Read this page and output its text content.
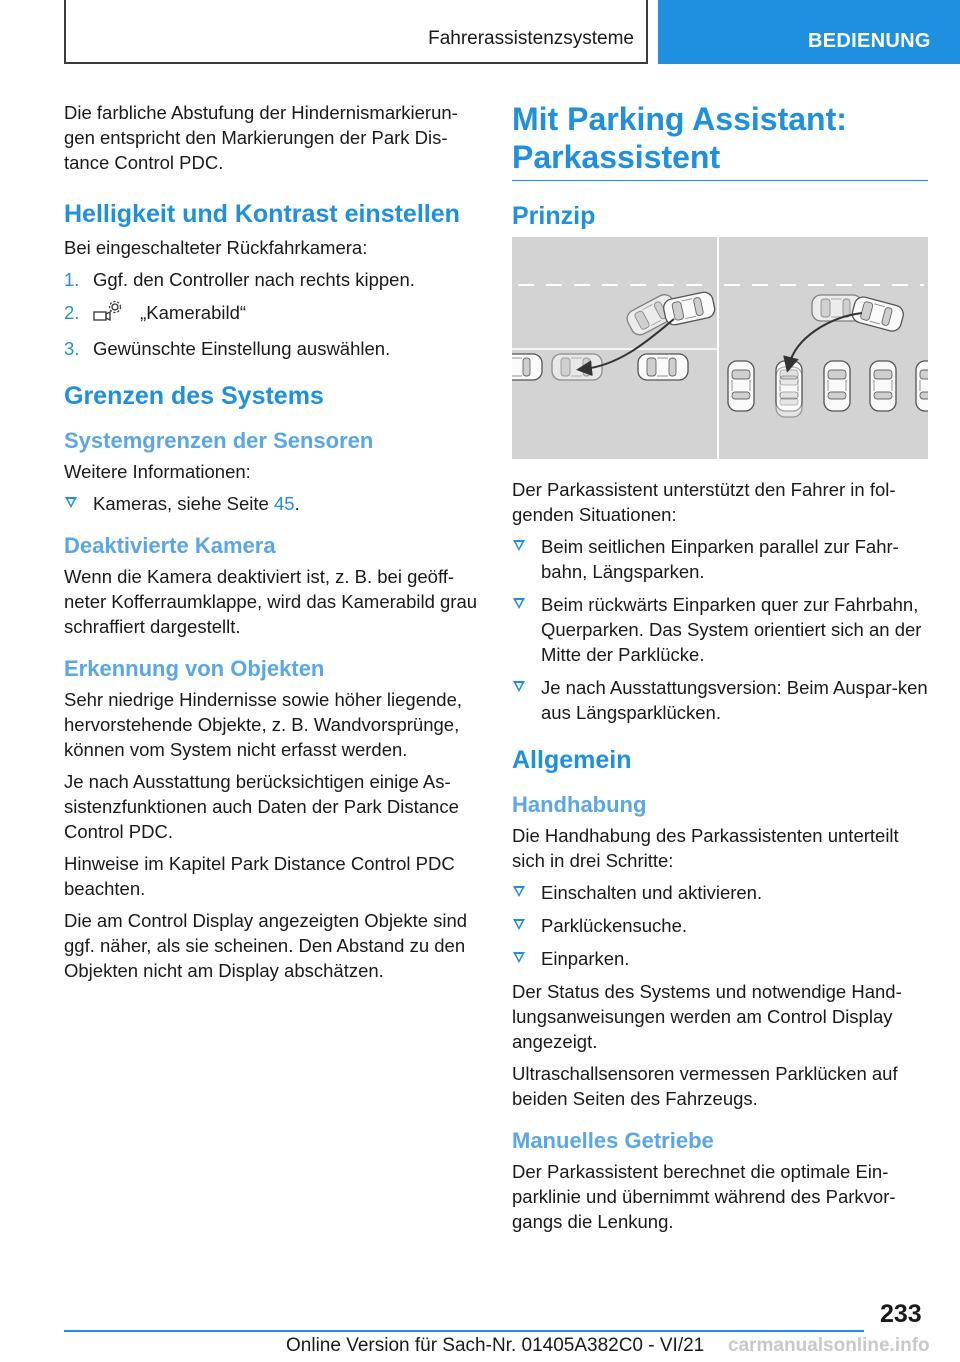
Fahrerassistenzsysteme	BEDIENUNG

Die farbliche Abstufung der Hindernismarkierun-gen entspricht den Markierungen der Park Dis-tance Control PDC.

Helligkeit und Kontrast einstellen

Bei eingeschalteter Rückfahrkamera:

1. Ggf. den Controller nach rechts kippen.
2.	„Kamerabild“
3. Gewünschte Einstellung auswählen.
Grenzen des Systems
Systemgrenzen der Sensoren

Weitere Informationen:

Kameras, siehe Seite 45.
Deaktivierte Kamera

Wenn die Kamera deaktiviert ist, z. B. bei geöff-neter Kofferraumklappe, wird das Kamerabild grau schraffiert dargestellt.

Erkennung von Objekten

Sehr niedrige Hindernisse sowie höher liegende, hervorstehende Objekte, z. B. Wandvorsprünge, können vom System nicht erfasst werden.

Je nach Ausstattung berücksichtigen einige As-sistenzfunktionen auch Daten der Park Distance Control PDC.

Hinweise im Kapitel Park Distance Control PDC beachten.

Die am Control Display angezeigten Objekte sind ggf. näher, als sie scheinen. Den Abstand zu den Objekten nicht am Display abschätzen.

Mit Parking Assistant: Parkassistent
Prinzip

Der Parkassistent unterstützt den Fahrer in fol-genden Situationen:

Beim seitlichen Einparken parallel zur Fahr-bahn, Längsparken.
Beim rückwärts Einparken quer zur Fahrbahn, Querparken. Das System orientiert sich an der Mitte der Parklücke.
Je nach Ausstattungsversion: Beim Auspar-ken aus Längsparklücken.
Allgemein
Handhabung

Die Handhabung des Parkassistenten unterteilt sich in drei Schritte:

Einschalten und aktivieren.
Parklückensuche.
Einparken.

Der Status des Systems und notwendige Hand-lungsanweisungen werden am Control Display angezeigt.

Ultraschallsensoren vermessen Parklücken auf beiden Seiten des Fahrzeugs.

Manuelles Getriebe

Der Parkassistent berechnet die optimale Ein-parklinie und übernimmt während des Parkvor-gangs die Lenkung.

233
Online Version für Sach-Nr. 01405A382C0 - VI/21 carmanualsonline.info
